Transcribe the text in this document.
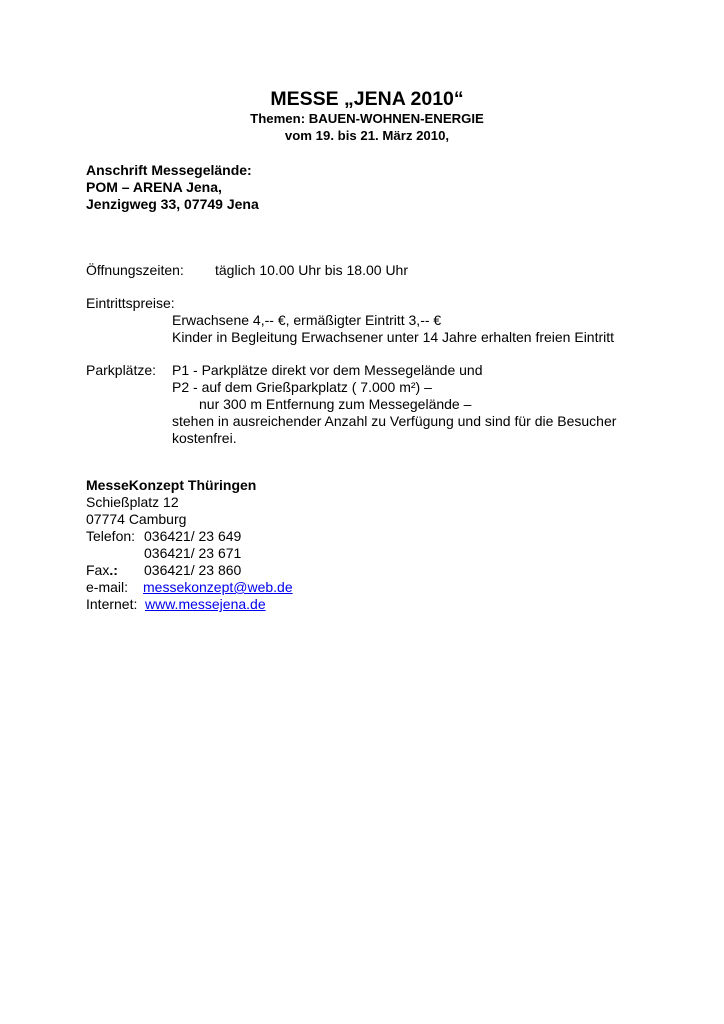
MESSE „JENA 2010“
Themen: BAUEN-WOHNEN-ENERGIE
vom 19. bis 21. März 2010,
Anschrift Messegelände:
POM – ARENA Jena,
Jenzigweg 33, 07749 Jena
Öffnungszeiten: täglich 10.00 Uhr bis 18.00 Uhr
Eintrittspreise:
Erwachsene 4,-- €, ermäßigter Eintritt 3,-- €
Kinder in Begleitung Erwachsener unter 14 Jahre erhalten freien Eintritt
Parkplätze: P1 - Parkplätze direkt vor dem Messegelände und
P2 - auf dem Grießparkplatz ( 7.000 m²) –
nur 300 m Entfernung zum Messegelände –
stehen in ausreichender Anzahl zu Verfügung und sind für die Besucher
kostenfrei.
MesseKonzept Thüringen
Schießplatz 12
07774 Camburg
Telefon: 036421/ 23 649
036421/ 23 671
Fax.: 036421/ 23 860
e-mail: messekonzept@web.de
Internet: www.messejena.de
